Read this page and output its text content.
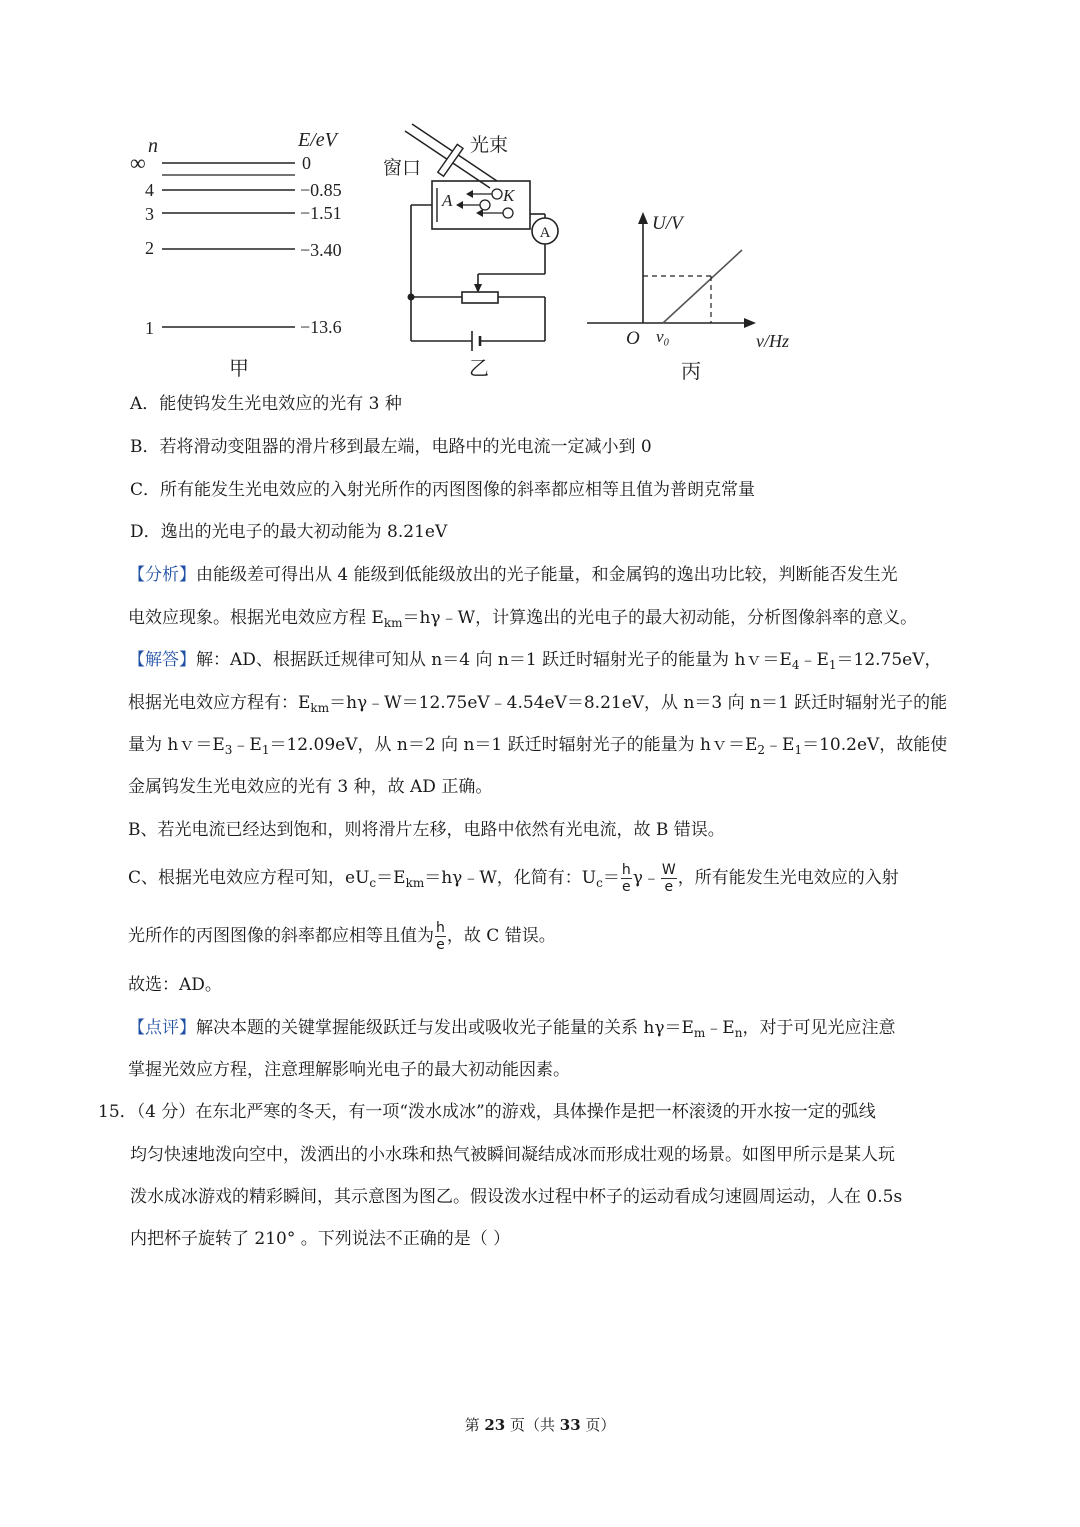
n	E/eV
∞	0
4	−0.85
3	−1.51
2	−3.40
1	−13.6
甲
光束
窗口
A	K
A
乙
U/V
ν/Hz
O ν₀
丙
A．能使钨发生光电效应的光有 3 种
B．若将滑动变阻器的滑片移到最左端，电路中的光电流一定减小到 0
C．所有能发生光电效应的入射光所作的丙图图像的斜率都应相等且值为普朗克常量
D．逸出的光电子的最大初动能为 8.21eV
【分析】由能级差可得出从 4 能级到低能级放出的光子能量，和金属钨的逸出功比较，判断能否发生光
电效应现象。根据光电效应方程 $E_{km}=h\gamma﹣W$，计算逸出的光电子的最大初动能，分析图像斜率的意义。
【解答】解：AD、根据跃迁规律可知从 n＝4 向 n＝1 跃迁时辐射光子的能量为 $hv=E_4﹣E_1=12.75eV$，
根据光电效应方程有：$E_{km}=h\gamma﹣W=12.75eV﹣4.54eV=8.21eV$，从 n＝3 向 n＝1 跃迁时辐射光子的能
量为 $hv=E_3﹣E_1=12.09eV$，从 n＝2 向 n＝1 跃迁时辐射光子的能量为 $hv=E_2﹣E_1=10.2eV$，故能使
金属钨发生光电效应的光有 3 种，故 AD 正确。
B、若光电流已经达到饱和，则将滑片左移，电路中依然有光电流，故 B 错误。
C、根据光电效应方程可知，$eU_c=E_{km}=h\gamma﹣W$，化简有：$U_c= \frac{h}{e}$ γ﹣ $\frac{W}{e}$ ，所有能发生光电效应的入射
光所作的丙图图像的斜率都应相等且值为 $\frac{h}{e}$ ，故 C 错误。
故选：AD。
【点评】解决本题的关键掌握能级跃迁与发出或吸收光子能量的关系 $h\gamma=E_m﹣E_n$，对于可见光应注意
掌握光效应方程，注意理解影响光电子的最大初动能因素。
15．（4 分）在东北严寒的冬天，有一项“泼水成冰”的游戏，具体操作是把一杯滚烫的开水按一定的弧线
均匀快速地泼向空中，泼洒出的小水珠和热气被瞬间凝结成冰而形成壮观的场景。如图甲所示是某人玩
泼水成冰游戏的精彩瞬间，其示意图为图乙。假设泼水过程中杯子的运动看成匀速圆周运动，人在 0.5s
内把杯子旋转了 210° 。下列说法不正确的是（ ）
第 23 页（共 33 页）
